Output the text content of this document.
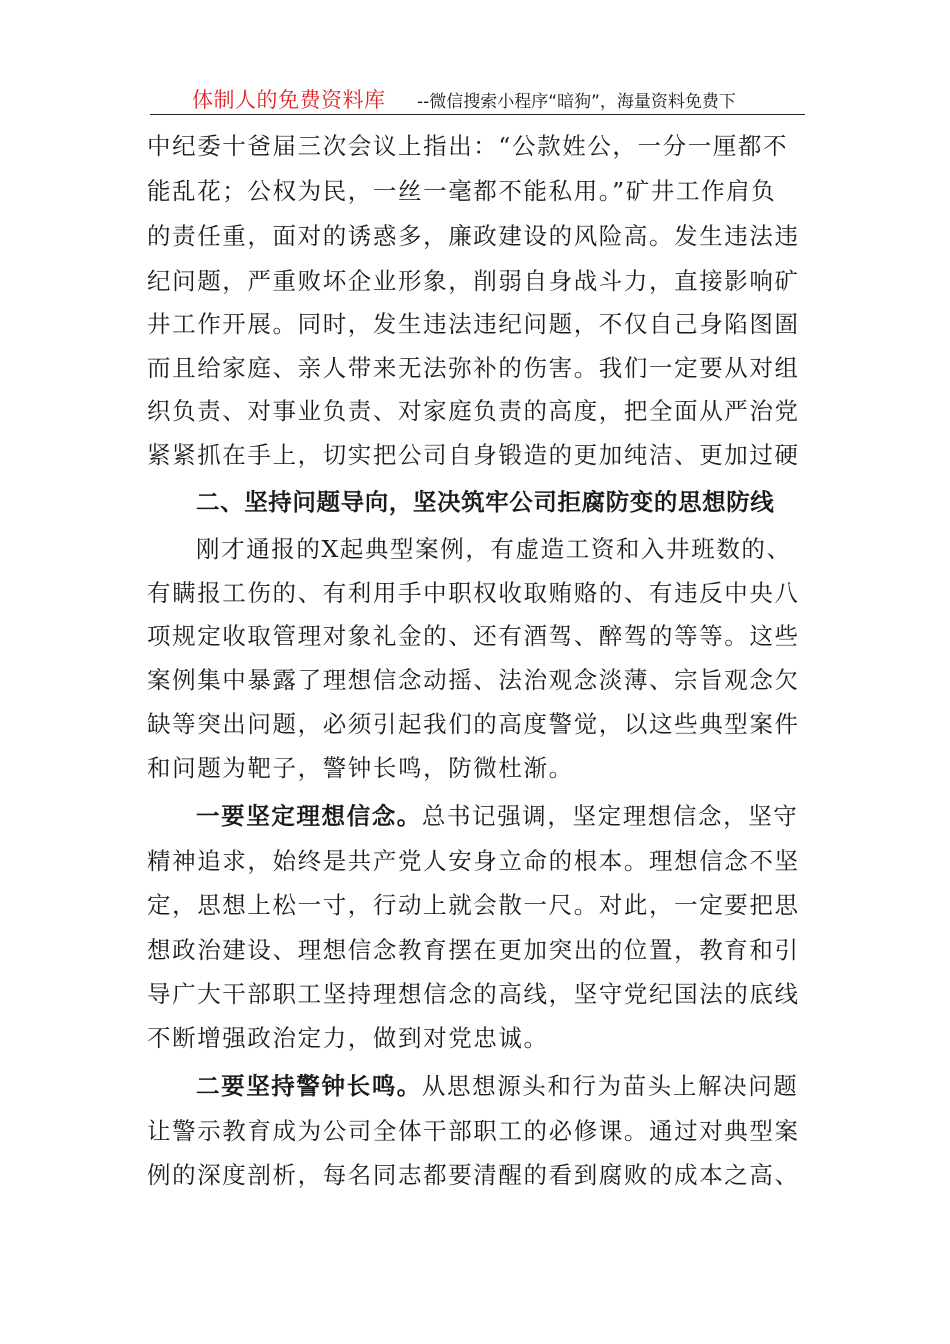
体制人的免费资料库 --微信搜索小程序“暗狗”，海量资料免费下
中纪委十爸届三次会议上指出：“公款姓公，一分一厘都不
能乱花；公权为民，一丝一毫都不能私用。”矿井工作肩负
的责任重，面对的诱惑多，廉政建设的风险高。发生违法违
纪问题，严重败坏企业形象，削弱自身战斗力，直接影响矿
井工作开展。同时，发生违法违纪问题，不仅自己身陷图圄
而且给家庭、亲人带来无法弥补的伤害。我们一定要从对组
织负责、对事业负责、对家庭负责的高度，把全面从严治党
紧紧抓在手上，切实把公司自身锻造的更加纯洁、更加过硬
二、坚持问题导向，坚决筑牢公司拒腐防变的思想防线
刚才通报的X起典型案例，有虚造工资和入井班数的、
有瞒报工伤的、有利用手中职权收取贿赂的、有违反中央八
项规定收取管理对象礼金的、还有酒驾、醉驾的等等。这些
案例集中暴露了理想信念动摇、法治观念淡薄、宗旨观念欠
缺等突出问题，必须引起我们的高度警觉，以这些典型案件
和问题为靶子，警钟长鸣，防微杜渐。
一要坚定理想信念。总书记强调，坚定理想信念，坚守
精神追求，始终是共产党人安身立命的根本。理想信念不坚
定，思想上松一寸，行动上就会散一尺。对此，一定要把思
想政治建设、理想信念教育摆在更加突出的位置，教育和引
导广大干部职工坚持理想信念的高线，坚守党纪国法的底线
不断增强政治定力，做到对党忠诚。
二要坚持警钟长鸣。从思想源头和行为苗头上解决问题
让警示教育成为公司全体干部职工的必修课。通过对典型案
例的深度剖析，每名同志都要清醒的看到腐败的成本之高、
